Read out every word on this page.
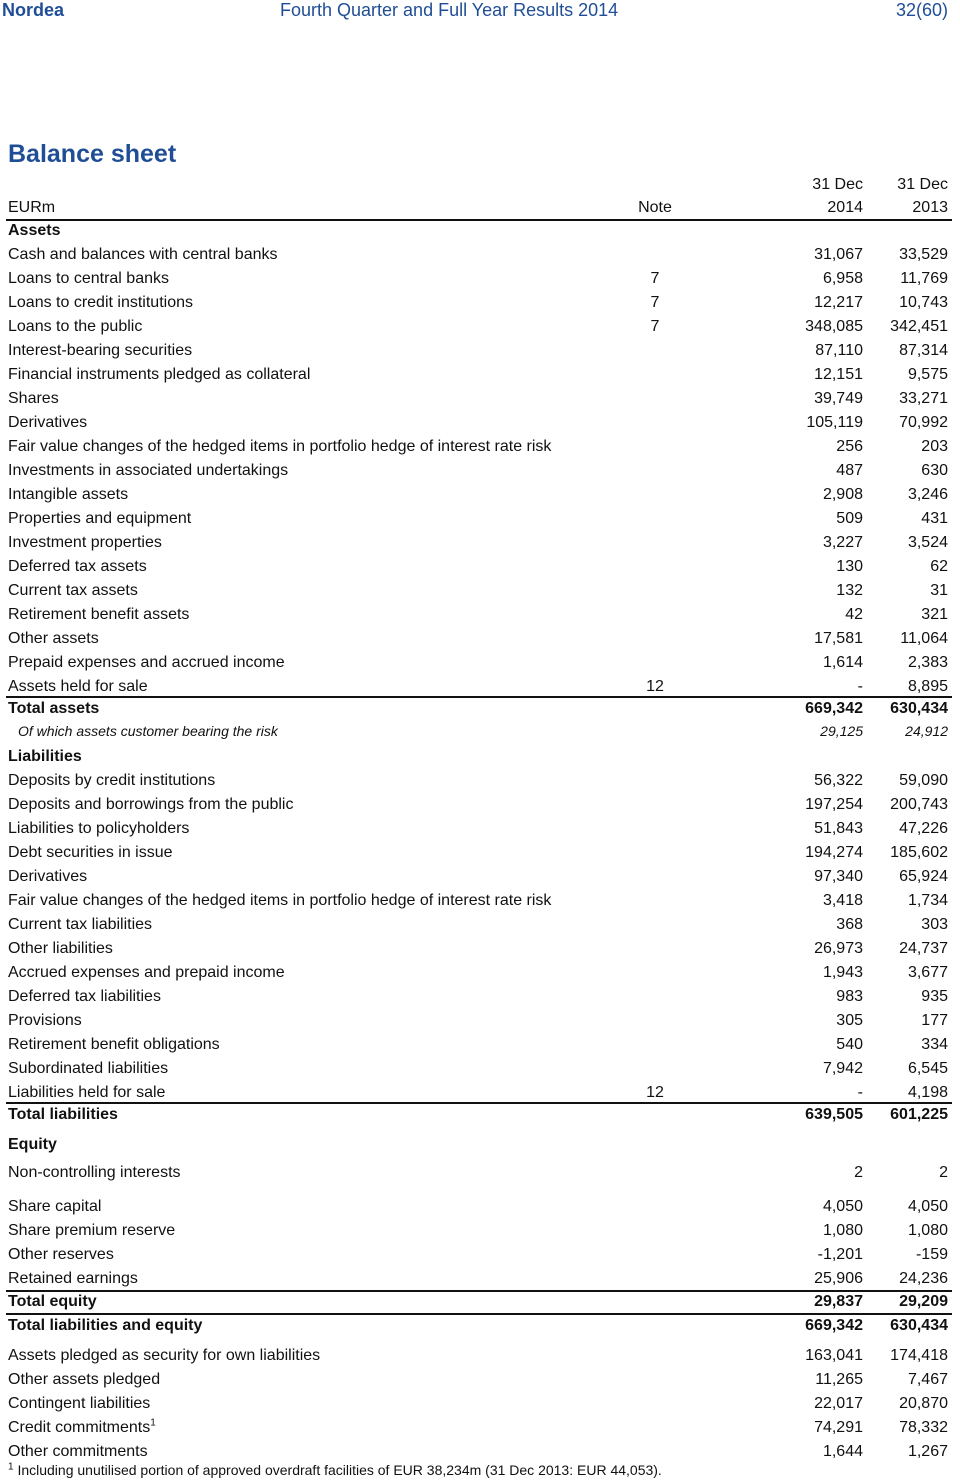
Nordea	Fourth Quarter and Full Year Results 2014	32(60)
Balance sheet
31 Dec 31 Dec
EURm	Note	2014	2013
Assets
Cash and balances with central banks	31,067 33,529
Loans to central banks	7	6,958 11,769
Loans to credit institutions	7	12,217 10,743
Loans to the public	7	348,085 342,451
Interest-bearing securities	87,110 87,314
Financial instruments pledged as collateral	12,151	9,575
Shares	39,749 33,271
Derivatives	105,119 70,992
Fair value changes of the hedged items in portfolio hedge of interest rate risk	256	203
Investments in associated undertakings	487	630
Intangible assets	2,908	3,246
Properties and equipment	509	431
Investment properties	3,227	3,524
Deferred tax assets	130	62
Current tax assets	132	31
Retirement benefit assets	42	321
Other assets	17,581 11,064
Prepaid expenses and accrued income	1,614	2,383
Assets held for sale	12	-	8,895
Total assets	669,342 630,434
Of which assets customer bearing the risk	29,125	24,912
Liabilities
Deposits by credit institutions	56,322 59,090
Deposits and borrowings from the public	197,254 200,743
Liabilities to policyholders	51,843 47,226
Debt securities in issue	194,274 185,602
Derivatives	97,340 65,924
Fair value changes of the hedged items in portfolio hedge of interest rate risk	3,418	1,734
Current tax liabilities	368	303
Other liabilities	26,973 24,737
Accrued expenses and prepaid income	1,943	3,677
Deferred tax liabilities	983	935
Provisions	305	177
Retirement benefit obligations	540	334
Subordinated liabilities	7,942	6,545
Liabilities held for sale	12	-	4,198
Total liabilities	639,505 601,225
Equity
Non-controlling interests	2	2
Share capital	4,050	4,050
Share premium reserve	1,080	1,080
Other reserves	-1,201	-159
Retained earnings	25,906 24,236
Total equity	29,837 29,209
Total liabilities and equity	669,342 630,434
Assets pledged as security for own liabilities	163,041 174,418
Other assets pledged	11,265	7,467
Contingent liabilities	22,017 20,870
Credit commitments$^1$	74,291 78,332
Other commitments	1,644	1,267
$^1$ Including unutilised portion of approved overdraft facilities of EUR 38,234m (31 Dec 2013: EUR 44,053).
